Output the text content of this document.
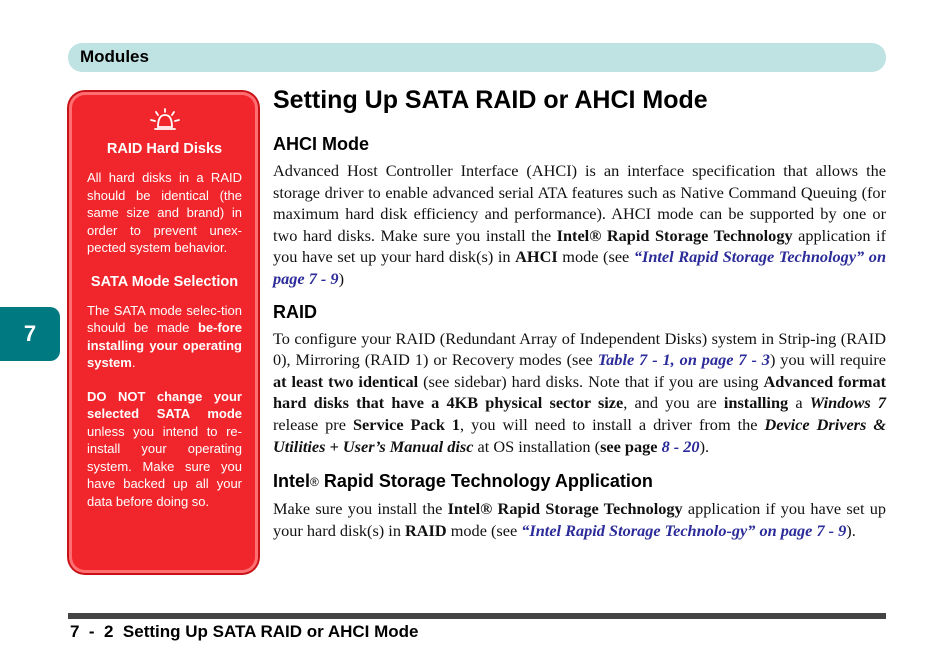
Modules
7
RAID Hard Disks

All hard disks in a RAID should be identical (the same size and brand) in order to prevent unex-pected system behavior.

SATA Mode Selection

The SATA mode selec-tion should be made be-fore installing your operating system.

DO NOT change your selected SATA mode unless you intend to re-install your operating system. Make sure you have backed up all your data before doing so.

Setting Up SATA RAID or AHCI Mode
AHCI Mode

Advanced Host Controller Interface (AHCI) is an interface specification that allows the storage driver to enable advanced serial ATA features such as Native Command Queuing (for maximum hard disk efficiency and performance). AHCI mode can be supported by one or two hard disks. Make sure you install the Intel® Rapid Storage Technology application if you have set up your hard disk(s) in AHCI mode (see “Intel Rapid Storage Technology” on page 7 - 9)

RAID

To configure your RAID (Redundant Array of Independent Disks) system in Strip-ing (RAID 0), Mirroring (RAID 1) or Recovery modes (see Table 7 - 1, on page 7 - 3) you will require at least two identical (see sidebar) hard disks. Note that if you are using Advanced format hard disks that have a 4KB physical sector size, and you are installing a Windows 7 release pre Service Pack 1, you will need to install a driver from the Device Drivers & Utilities + User’s Manual disc at OS installation (see page 8 - 20).

Intel® Rapid Storage Technology Application

Make sure you install the Intel® Rapid Storage Technology application if you have set up your hard disk(s) in RAID mode (see “Intel Rapid Storage Technolo-gy” on page 7 - 9).

7  -  2  Setting Up SATA RAID or AHCI Mode
